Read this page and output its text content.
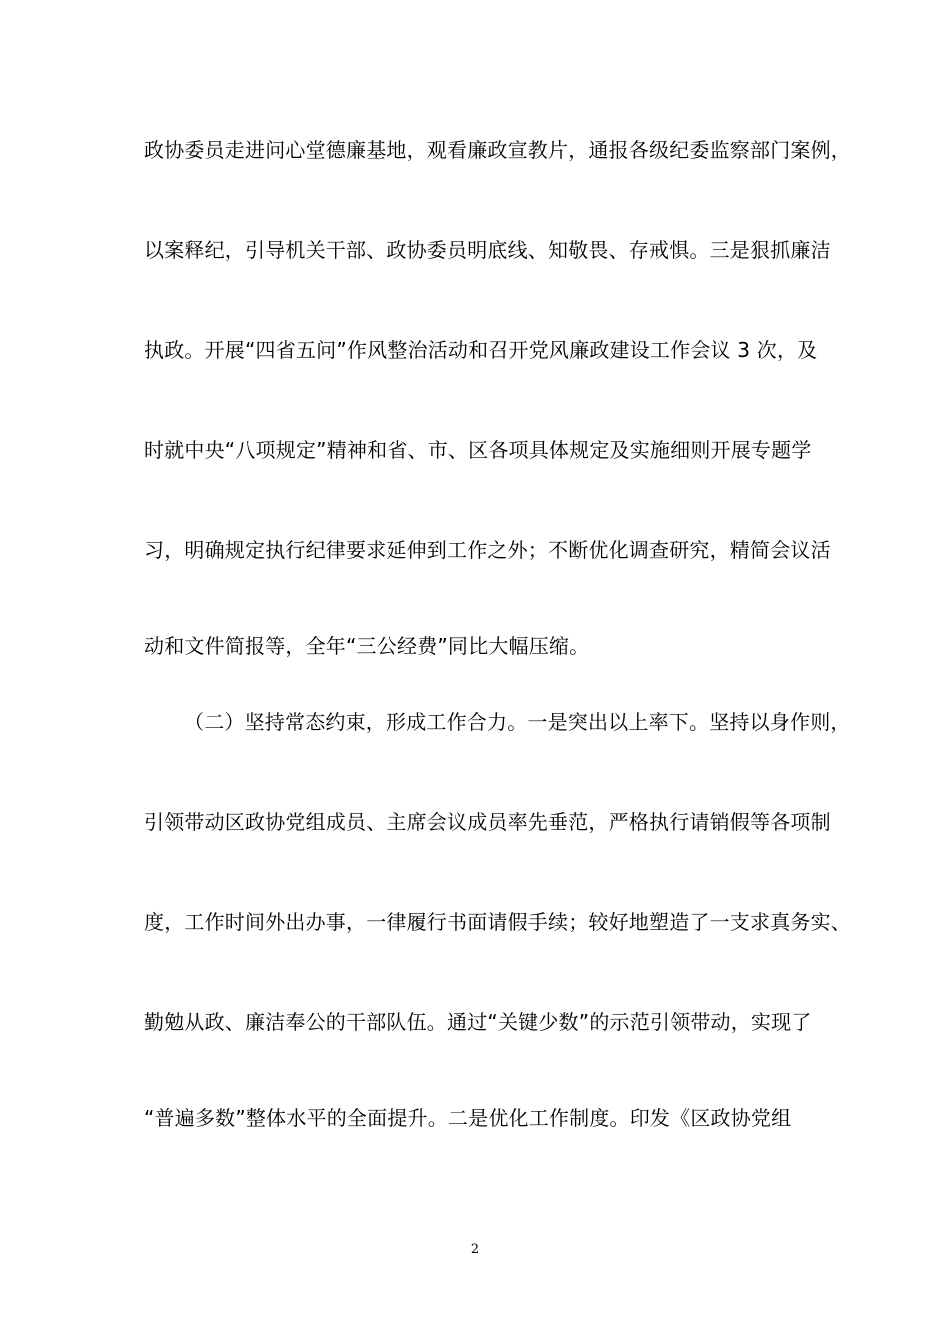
政协委员走进问心堂德廉基地，观看廉政宣教片，通报各级纪委监察部门案例，
以案释纪，引导机关干部、政协委员明底线、知敬畏、存戒惧。三是狠抓廉洁
执政。开展“四省五问”作风整治活动和召开党风廉政建设工作会议 3 次，及
时就中央“八项规定”精神和省、市、区各项具体规定及实施细则开展专题学
习，明确规定执行纪律要求延伸到工作之外；不断优化调查研究，精简会议活
动和文件简报等，全年“三公经费”同比大幅压缩。
（二）坚持常态约束，形成工作合力。一是突出以上率下。坚持以身作则，
引领带动区政协党组成员、主席会议成员率先垂范，严格执行请销假等各项制
度，工作时间外出办事，一律履行书面请假手续；较好地塑造了一支求真务实、
勤勉从政、廉洁奉公的干部队伍。通过“关键少数”的示范引领带动，实现了
“普遍多数”整体水平的全面提升。二是优化工作制度。印发《区政协党组
2
